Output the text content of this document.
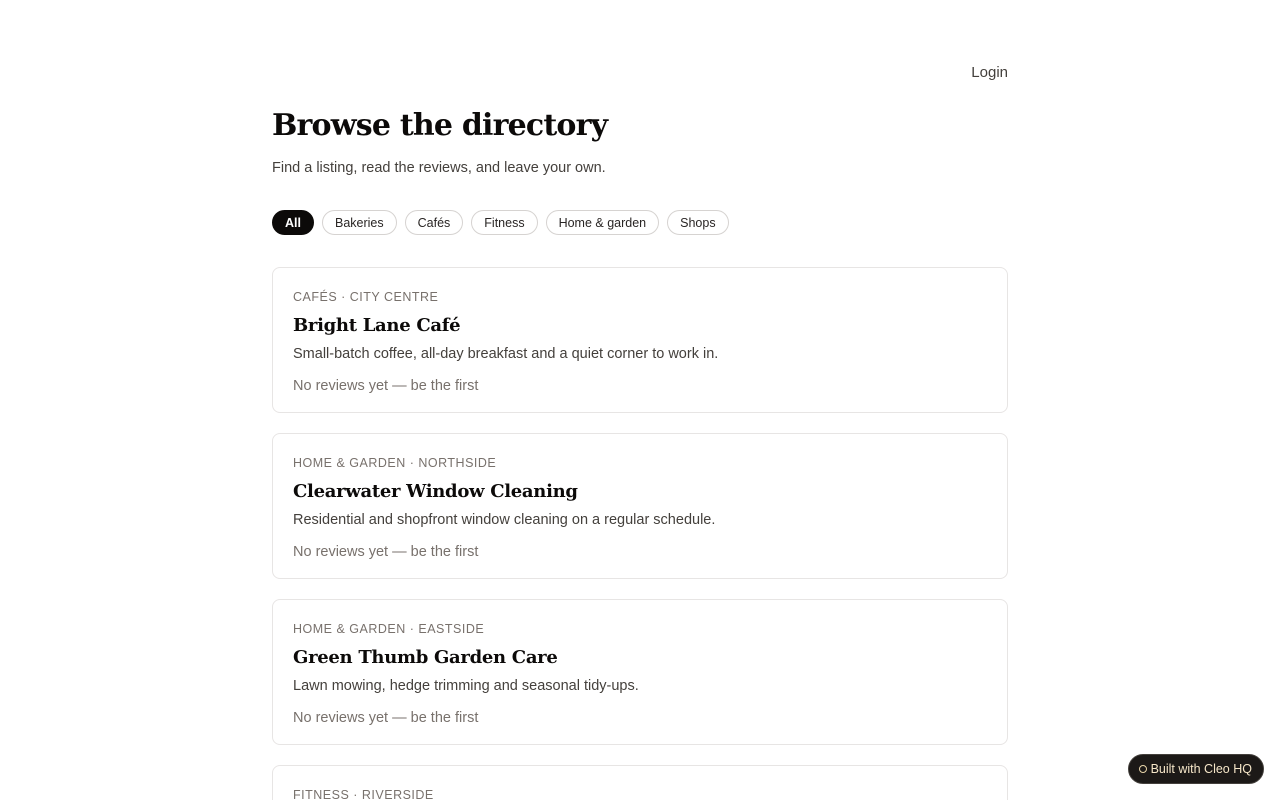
Login
Browse the directory

Find a listing, read the reviews, and leave your own.

All	Bakeries	Cafés	Fitness	Home & garden	Shops
CAFÉS · CITY CENTRE
Bright Lane Café
Small-batch coffee, all-day breakfast and a quiet corner to work in.
No reviews yet — be the first
HOME & GARDEN · NORTHSIDE
Clearwater Window Cleaning
Residential and shopfront window cleaning on a regular schedule.
No reviews yet — be the first
HOME & GARDEN · EASTSIDE
Green Thumb Garden Care
Lawn mowing, hedge trimming and seasonal tidy-ups.
No reviews yet — be the first
FITNESS · RIVERSIDE
Built with Cleo HQ
